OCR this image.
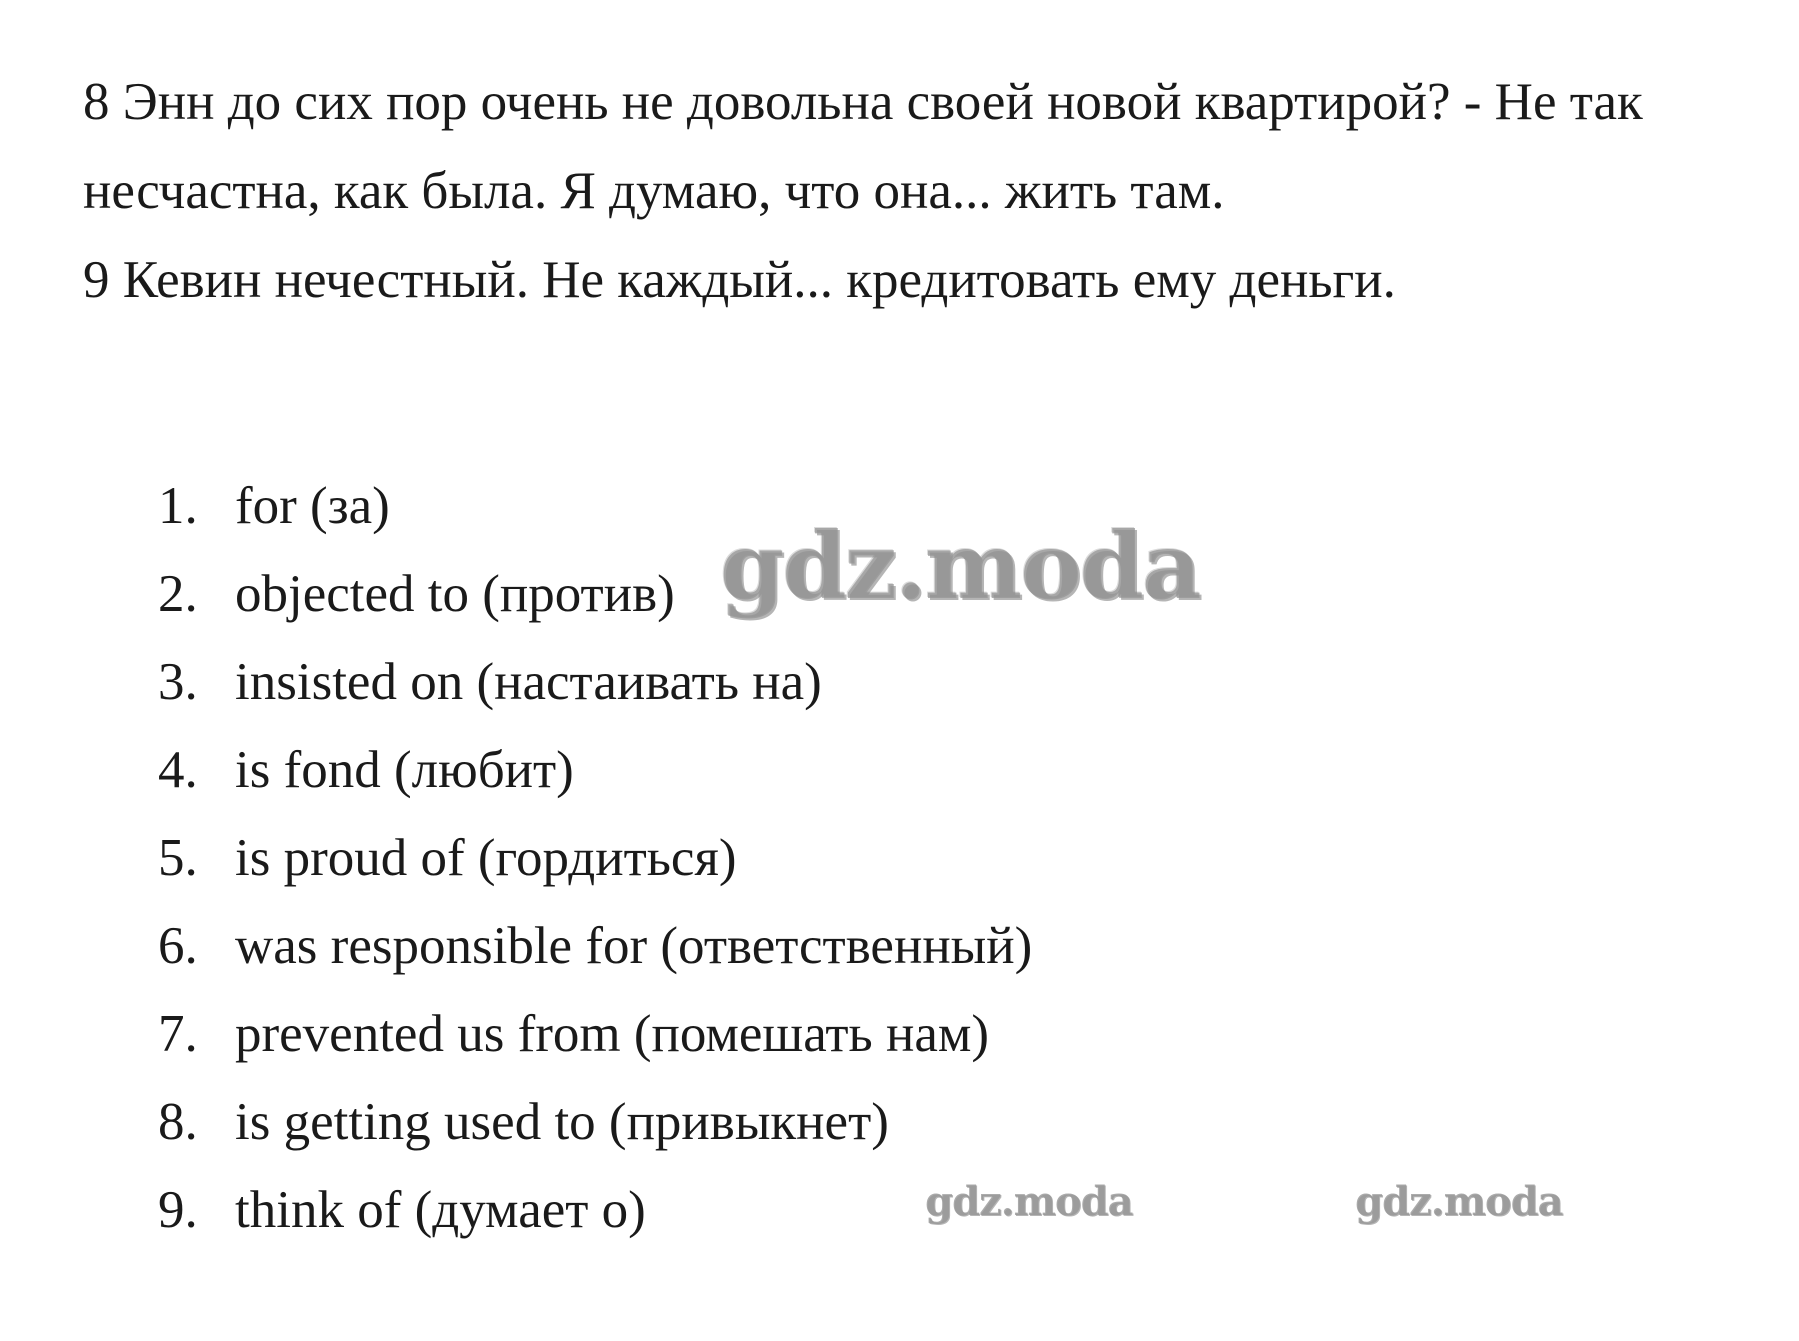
8 Энн до сих пор очень не довольна своей новой квартирой? - Не так несчастна, как была. Я думаю, что она... жить там.

9 Кевин нечестный. Не каждый... кредитовать ему деньги.

1. for (за)
2. objected to (против)
3. insisted on (настаивать на)
4. is fond (любит)
5. is proud of (гордиться)
6. was responsible for (ответственный)
7. prevented us from (помешать нам)
8. is getting used to (привыкнет)
9. think of (думает о)
gdz.moda
gdz.moda	gdz.moda
